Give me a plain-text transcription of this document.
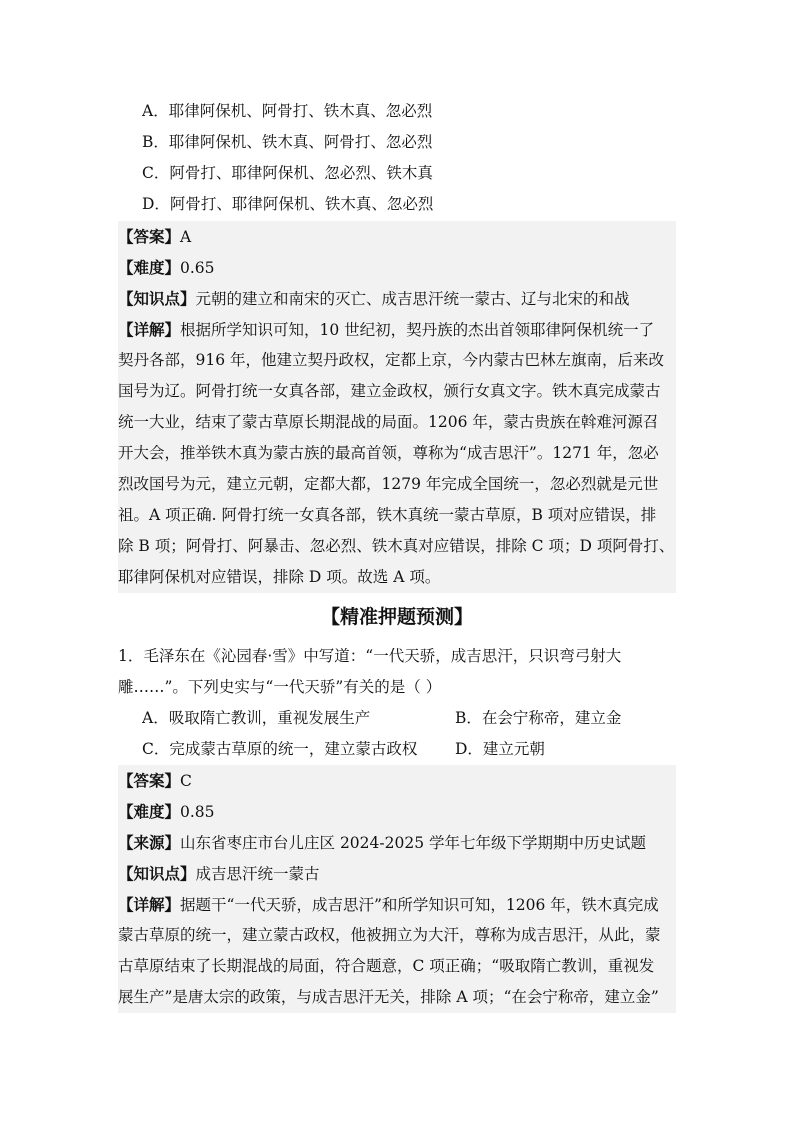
A．耶律阿保机、阿骨打、铁木真、忽必烈
B．耶律阿保机、铁木真、阿骨打、忽必烈
C．阿骨打、耶律阿保机、忽必烈、铁木真
D．阿骨打、耶律阿保机、铁木真、忽必烈
【答案】A
【难度】0.65
【知识点】元朝的建立和南宋的灭亡、成吉思汗统一蒙古、辽与北宋的和战
【详解】根据所学知识可知，10 世纪初，契丹族的杰出首领耶律阿保机统一了
契丹各部，916 年，他建立契丹政权，定都上京，今内蒙古巴林左旗南，后来改
国号为辽。阿骨打统一女真各部，建立金政权，颁行女真文字。铁木真完成蒙古
统一大业，结束了蒙古草原长期混战的局面。1206 年，蒙古贵族在斡难河源召
开大会，推举铁木真为蒙古族的最高首领，尊称为“成吉思汗”。1271 年，忽必
烈改国号为元，建立元朝，定都大都，1279 年完成全国统一，忽必烈就是元世
祖。A 项正确. 阿骨打统一女真各部，铁木真统一蒙古草原，B 项对应错误，排
除 B 项；阿骨打、阿暴击、忽必烈、铁木真对应错误，排除 C 项；D 项阿骨打、
耶律阿保机对应错误，排除 D 项。故选 A 项。
【精准押题预测】
1．毛泽东在《沁园春·雪》中写道：“一代天骄，成吉思汗，只识弯弓射大
雕……”。下列史实与“一代天骄”有关的是（ ）
A．吸取隋亡教训，重视发展生产	B．在会宁称帝，建立金
C．完成蒙古草原的统一，建立蒙古政权 D．建立元朝
【答案】C
【难度】0.85
【来源】山东省枣庄市台儿庄区 2024-2025 学年七年级下学期期中历史试题
【知识点】成吉思汗统一蒙古
【详解】据题干“一代天骄，成吉思汗”和所学知识可知，1206 年，铁木真完成
蒙古草原的统一，建立蒙古政权，他被拥立为大汗，尊称为成吉思汗，从此，蒙
古草原结束了长期混战的局面，符合题意，C 项正确；“吸取隋亡教训，重视发
展生产”是唐太宗的政策，与成吉思汗无关，排除 A 项；“在会宁称帝，建立金”
